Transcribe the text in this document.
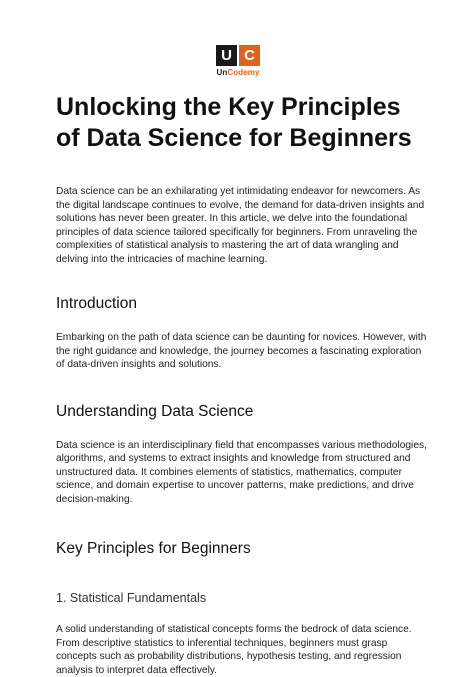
U C
UnCodemy
Unlocking the Key Principles of Data Science for Beginners

Data science can be an exhilarating yet intimidating endeavor for newcomers. As the digital landscape continues to evolve, the demand for data-driven insights and solutions has never been greater. In this article, we delve into the foundational principles of data science tailored specifically for beginners. From unraveling the complexities of statistical analysis to mastering the art of data wrangling and delving into the intricacies of machine learning.

Introduction

Embarking on the path of data science can be daunting for novices. However, with the right guidance and knowledge, the journey becomes a fascinating exploration of data-driven insights and solutions.

Understanding Data Science

Data science is an interdisciplinary field that encompasses various methodologies, algorithms, and systems to extract insights and knowledge from structured and unstructured data. It combines elements of statistics, mathematics, computer science, and domain expertise to uncover patterns, make predictions, and drive decision-making.

Key Principles for Beginners
1. Statistical Fundamentals

A solid understanding of statistical concepts forms the bedrock of data science. From descriptive statistics to inferential techniques, beginners must grasp concepts such as probability distributions, hypothesis testing, and regression analysis to interpret data effectively.
